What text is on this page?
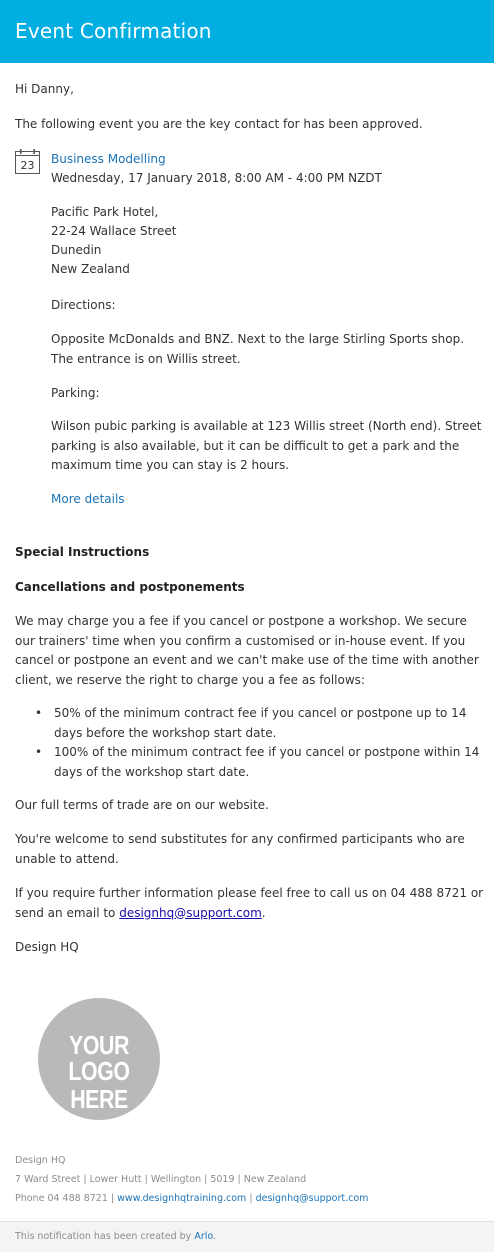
Event Confirmation
Hi Danny,
The following event you are the key contact for has been approved.
23 Business Modelling
Wednesday, 17 January 2018, 8:00 AM - 4:00 PM NZDT
Pacific Park Hotel,
22-24 Wallace Street
Dunedin
New Zealand
Directions:
Opposite McDonalds and BNZ. Next to the large Stirling Sports shop. The entrance is on Willis street.
Parking:
Wilson pubic parking is available at 123 Willis street (North end). Street parking is also available, but it can be difficult to get a park and the maximum time you can stay is 2 hours.
More details
Special Instructions
Cancellations and postponements
We may charge you a fee if you cancel or postpone a workshop. We secure our trainers' time when you confirm a customised or in-house event. If you cancel or postpone an event and we can't make use of the time with another client, we reserve the right to charge you a fee as follows:
• 50% of the minimum contract fee if you cancel or postpone up to 14 days before the workshop start date.
• 100% of the minimum contract fee if you cancel or postpone within 14 days of the workshop start date.
Our full terms of trade are on our website.
You're welcome to send substitutes for any confirmed participants who are unable to attend.
If you require further information please feel free to call us on 04 488 8721 or send an email to designhq@support.com.
Design HQ
YOUR
LOGO HERE
Design HQ
7 Ward Street | Lower Hutt | Wellington | 5019 | New Zealand
Phone 04 488 8721 | www.designhqtraining.com | designhq@support.com
This notification has been created by Arlo.
